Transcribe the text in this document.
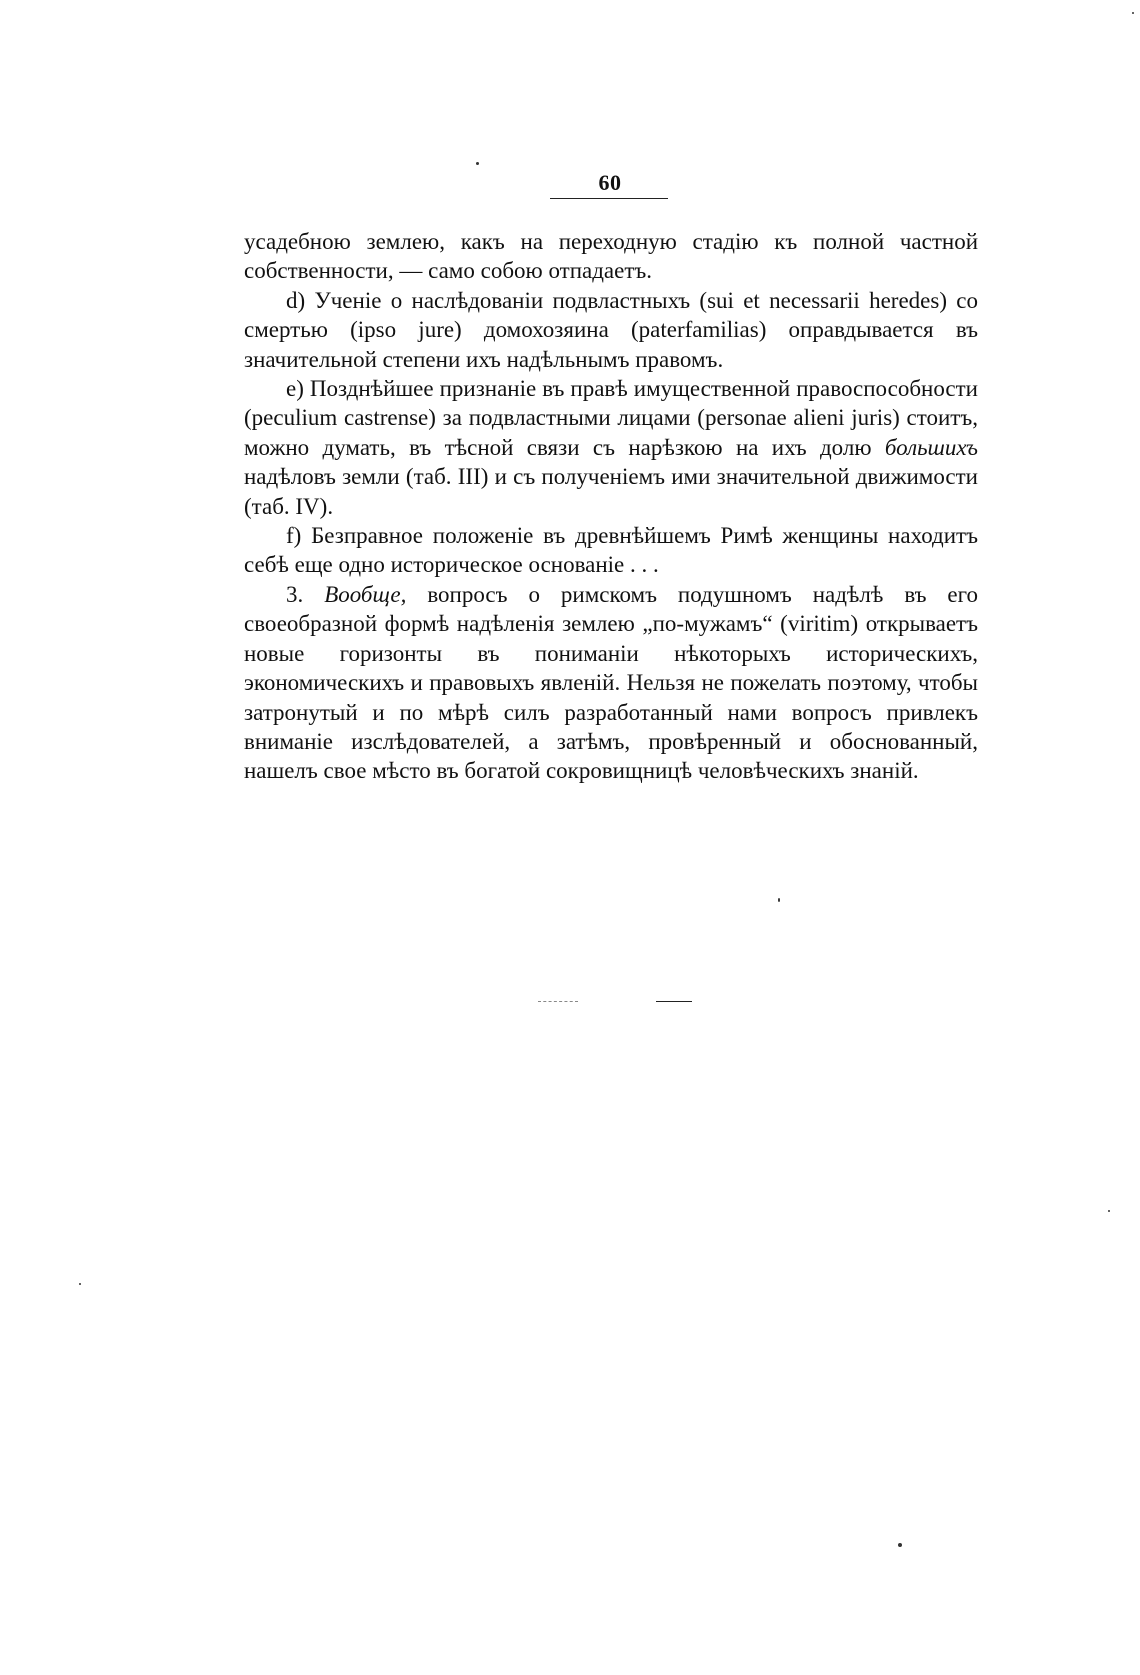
60

усадебною землею, какъ на переходную стадію къ полной частной собственности, — само собою отпадаетъ.

d) Ученіе о наслѣдованіи подвластныхъ (sui et necessarii heredes) со смертью (ipso jure) домохозяина (paterfamilias) оправдывается въ значительной степени ихъ надѣльнымъ правомъ.

e) Позднѣйшее признаніе въ правѣ имущественной правоспособности (peculium castrense) за подвластными лицами (personae alieni juris) стоитъ, можно думать, въ тѣсной связи съ нарѣзкою на ихъ долю большихъ надѣловъ земли (таб. III) и съ полученіемъ ими значительной движимости (таб. IV).

f) Безправное положеніе въ древнѣйшемъ Римѣ женщины находитъ себѣ еще одно историческое основаніе . . .

3. Вообще, вопросъ о римскомъ подушномъ надѣлѣ въ его своеобразной формѣ надѣленія землею „по-мужамъ“ (viritim) открываетъ новые горизонты въ пониманіи нѣкоторыхъ историческихъ, экономическихъ и правовыхъ явленій. Нельзя не пожелать поэтому, чтобы затронутый и по мѣрѣ силъ разработанный нами вопросъ привлекъ вниманіе изслѣдователей, а затѣмъ, провѣренный и обоснованный, нашелъ свое мѣсто въ богатой сокровищницѣ человѣческихъ знаній.
